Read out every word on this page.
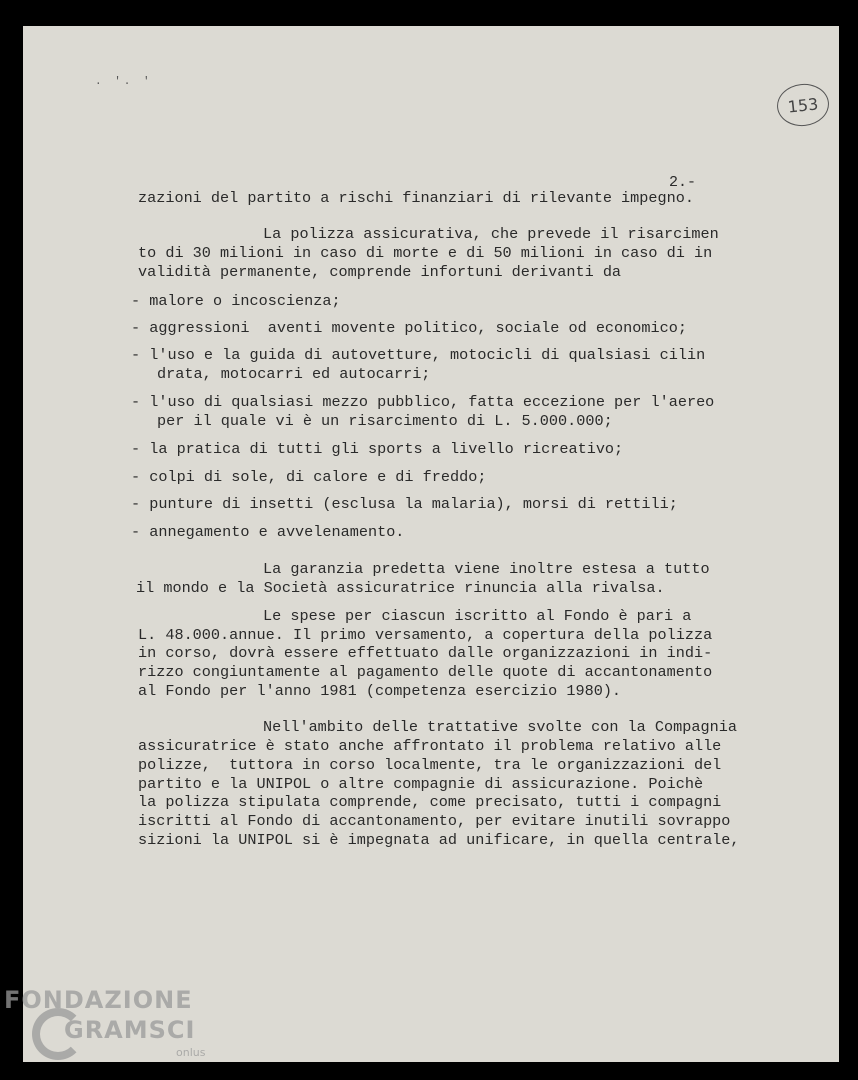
. '. '
153
2.-
zazioni del partito a rischi finanziari di rilevante impegno.
La polizza assicurativa, che prevede il risarcimen
to di 30 milioni in caso di morte e di 50 milioni in caso di in
validità permanente, comprende infortuni derivanti da
- malore o incoscienza;
- aggressioni  aventi movente politico, sociale od economico;
- l'uso e la guida di autovetture, motocicli di qualsiasi cilin
drata, motocarri ed autocarri;
- l'uso di qualsiasi mezzo pubblico, fatta eccezione per l'aereo
per il quale vi è un risarcimento di L. 5.000.000;
- la pratica di tutti gli sports a livello ricreativo;
- colpi di sole, di calore e di freddo;
- punture di insetti (esclusa la malaria), morsi di rettili;
- annegamento e avvelenamento.
La garanzia predetta viene inoltre estesa a tutto
il mondo e la Società assicuratrice rinuncia alla rivalsa.
Le spese per ciascun iscritto al Fondo è pari a
L. 48.000.annue. Il primo versamento, a copertura della polizza
in corso, dovrà essere effettuato dalle organizzazioni in indi-
rizzo congiuntamente al pagamento delle quote di accantonamento
al Fondo per l'anno 1981 (competenza esercizio 1980).
Nell'ambito delle trattative svolte con la Compagnia
assicuratrice è stato anche affrontato il problema relativo alle
polizze,  tuttora in corso localmente, tra le organizzazioni del
partito e la UNIPOL o altre compagnie di assicurazione. Poichè
la polizza stipulata comprende, come precisato, tutti i compagni
iscritti al Fondo di accantonamento, per evitare inutili sovrappo
sizioni la UNIPOL si è impegnata ad unificare, in quella centrale,
FONDAZIONE
GRAMSCI
onlus
